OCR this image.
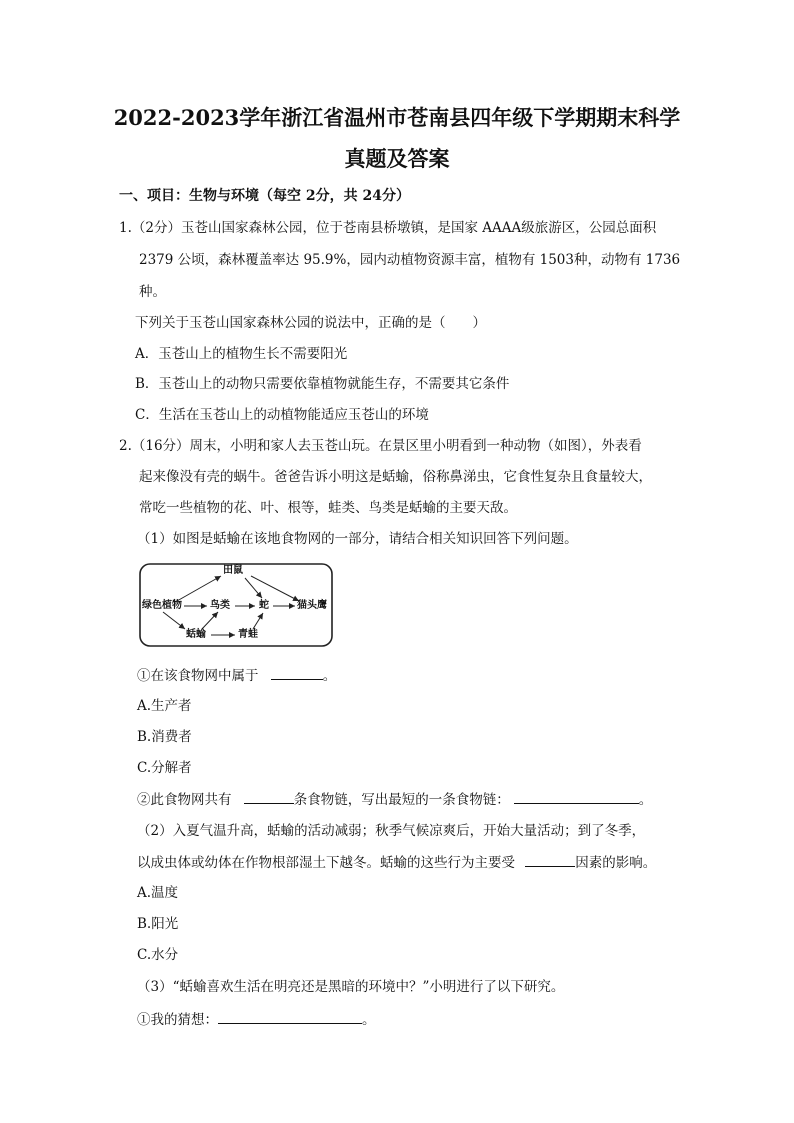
2022-2023学年浙江省温州市苍南县四年级下学期期末科学
真题及答案
一、项目：生物与环境（每空 2分，共 24分）
1.（2分）玉苍山国家森林公园，位于苍南县桥墩镇，是国家 AAAA级旅游区，公园总面积
2379 公顷，森林覆盖率达 95.9%，园内动植物资源丰富，植物有 1503种，动物有 1736
种。
下列关于玉苍山国家森林公园的说法中，正确的是（　　）
A．玉苍山上的植物生长不需要阳光
B．玉苍山上的动物只需要依靠植物就能生存，不需要其它条件
C．生活在玉苍山上的动植物能适应玉苍山的环境
2.（16分）周末，小明和家人去玉苍山玩。在景区里小明看到一种动物（如图），外表看
起来像没有壳的蜗牛。爸爸告诉小明这是蛞蝓，俗称鼻涕虫，它食性复杂且食量较大，
常吃一些植物的花、叶、根等，蛙类、鸟类是蛞蝓的主要天敌。
（1）如图是蛞蝓在该地食物网的一部分，请结合相关知识回答下列问题。
田鼠
绿色植物	鸟类	蛇	猫头鹰
蛞蝓	青蛙
①在该食物网中属于	。
A.生产者
B.消费者
C.分解者
②此食物网共有	条食物链，写出最短的一条食物链：	。
（2）入夏气温升高，蛞蝓的活动减弱；秋季气候凉爽后，开始大量活动；到了冬季，
以成虫体或幼体在作物根部湿土下越冬。蛞蝓的这些行为主要受	因素的影响。
A.温度
B.阳光
C.水分
（3）“蛞蝓喜欢生活在明亮还是黑暗的环境中？”小明进行了以下研究。
①我的猜想：	。
